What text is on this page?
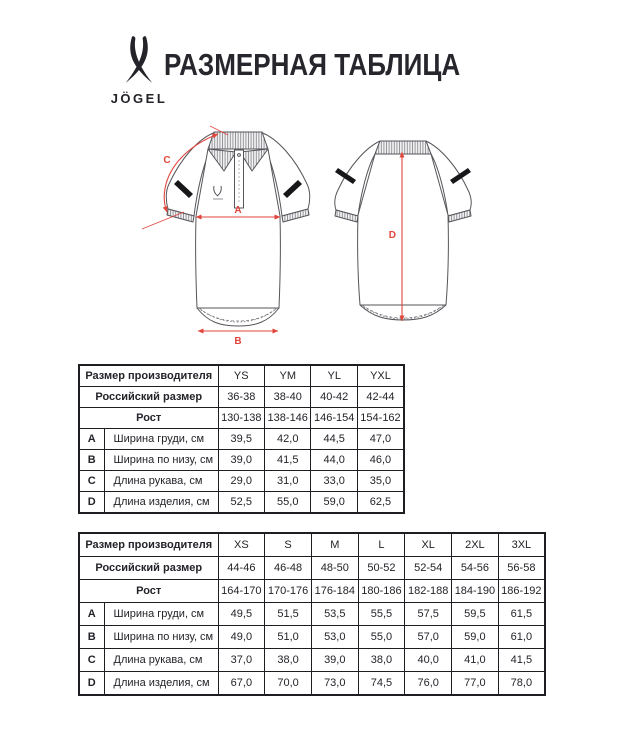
JÖGEL
РАЗМЕРНАЯ ТАБЛИЦА
A
B
C
D
Размер производителя		YS	YM	YL	YXL
Российский размер		36-38	38-40	40-42	42-44
Рост		130-138	138-146	146-154	154-162
A	Ширина груди, см	39,5	42,0	44,5	47,0
B	Ширина по низу, см	39,0	41,5	44,0	46,0
C	Длина рукава, см	29,0	31,0	33,0	35,0
D	Длина изделия, см	52,5	55,0	59,0	62,5
Размер производителя		XS	S	M	L	XL	2XL	3XL
Российский размер		44-46	46-48	48-50	50-52	52-54	54-56	56-58
Рост		164-170	170-176	176-184	180-186	182-188	184-190	186-192
A	Ширина груди, см	49,5	51,5	53,5	55,5	57,5	59,5	61,5
B	Ширина по низу, см	49,0	51,0	53,0	55,0	57,0	59,0	61,0
C	Длина рукава, см	37,0	38,0	39,0	38,0	40,0	41,0	41,5
D	Длина изделия, см	67,0	70,0	73,0	74,5	76,0	77,0	78,0
